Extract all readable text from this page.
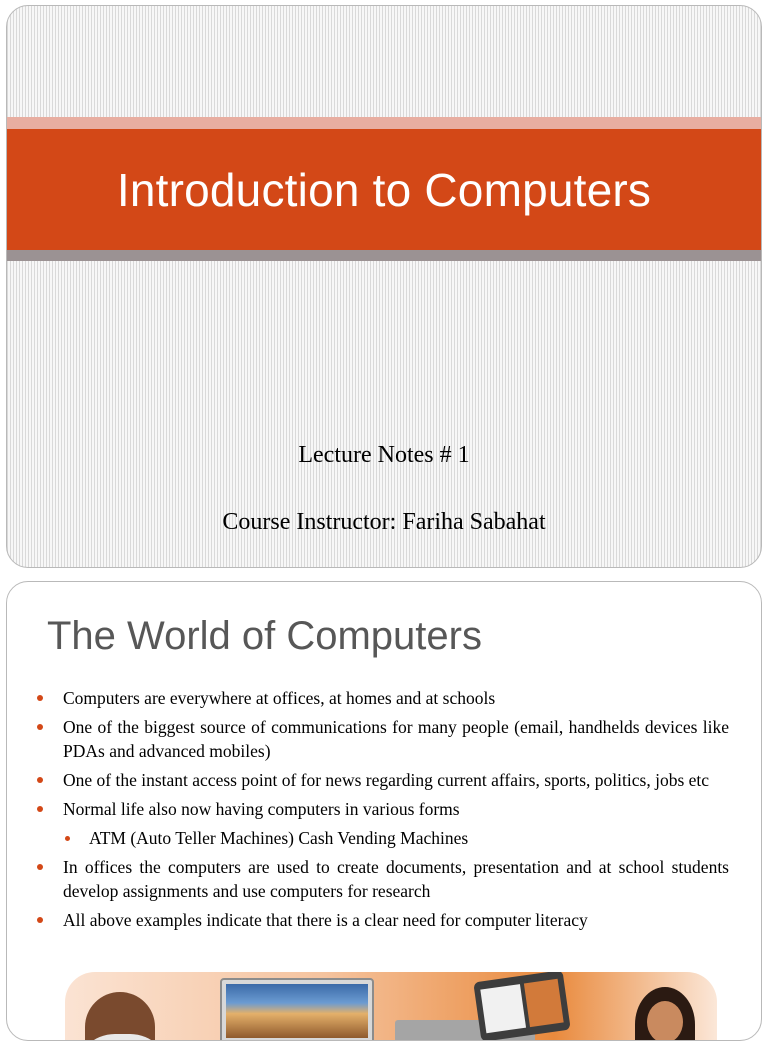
Introduction to Computers

Lecture Notes # 1

Course Instructor: Fariha Sabahat

The World of Computers
Computers are everywhere at offices, at homes and at schools
One of the biggest source of communications for many people (email, handhelds devices like PDAs and advanced mobiles)
One of the instant access point of for news regarding current affairs, sports, politics, jobs etc
Normal life also now having computers in various forms
ATM (Auto Teller Machines) Cash Vending Machines
In offices the computers are used to create documents, presentation and at school students develop assignments and use computers for research
All above examples indicate that there is a clear need for computer literacy
